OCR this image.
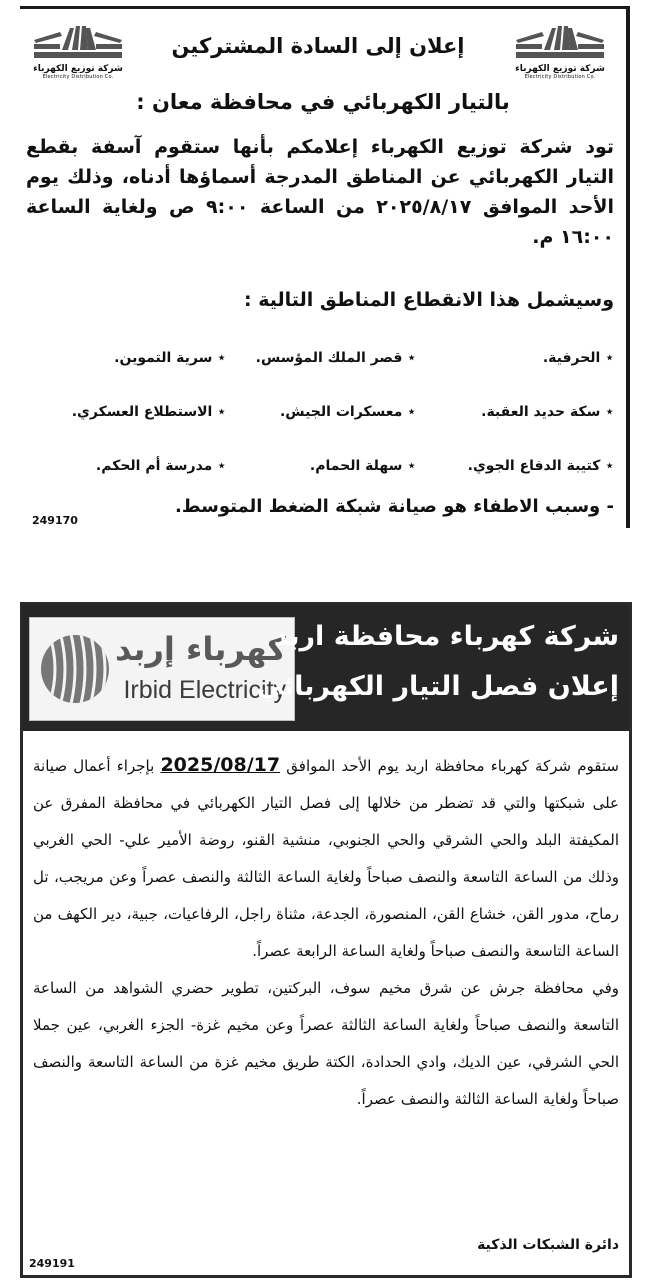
شركة توزيع الكهرباء
Electricity Distribution Co.
شركة توزيع الكهرباء
Electricity Distribution Co.
إعلان إلى السادة المشتركين
بالتيار الكهربائي في محافظة معان :
تود شركة توزيع الكهرباء إعلامكم بأنها ستقوم آسفة بقطع التيار الكهربائي عن المناطق المدرجة أسماؤها أدناه، وذلك يوم الأحد الموافق ٢٠٢٥/٨/١٧ من الساعة ٩:٠٠ ص ولغاية الساعة ١٦:٠٠ م.
وسيشمل هذا الانقطاع المناطق التالية :
⋆ الحرفية.
⋆ قصر الملك المؤسس.
⋆ سرية التموين.
⋆ سكة حديد العقبة.
⋆ معسكرات الجيش.
⋆ الاستطلاع العسكري.
⋆ كتيبة الدفاع الجوي.
⋆ سهلة الحمام.
⋆ مدرسة أم الحكم.
- وسبب الاطفاء هو صيانة شبكة الضغط المتوسط.
249170
كهرباء إربد
Irbid Electricity
شركة كهرباء محافظة اربد
إعلان فصل التيار الكهربائي

ستقوم شركة كهرباء محافظة اربد يوم الأحد الموافق 2025/08/17 بإجراء أعمال صيانة على شبكتها والتي قد تضطر من خلالها إلى فصل التيار الكهربائي في محافظة المفرق عن المكيفتة البلد والحي الشرقي والحي الجنوبي، منشية القنو، روضة الأمير علي- الحي الغربي وذلك من الساعة التاسعة والنصف صباحاً ولغاية الساعة الثالثة والنصف عصراً وعن مريجب، تل رماح، مدور القن، خشاع القن، المنصورة، الجدعة، مثناة راجل، الرفاعيات، جبية، دير الكهف من الساعة التاسعة والنصف صباحاً ولغاية الساعة الرابعة عصراً.

وفي محافظة جرش عن شرق مخيم سوف، البركتين، تطوير حضري الشواهد من الساعة التاسعة والنصف صباحاً ولغاية الساعة الثالثة عصراً وعن مخيم غزة- الجزء الغربي، عين جملا الحي الشرقي، عين الديك، وادي الحدادة، الكتة طريق مخيم غزة من الساعة التاسعة والنصف صباحاً ولغاية الساعة الثالثة والنصف عصراً.

دائرة الشبكات الذكية
249191
